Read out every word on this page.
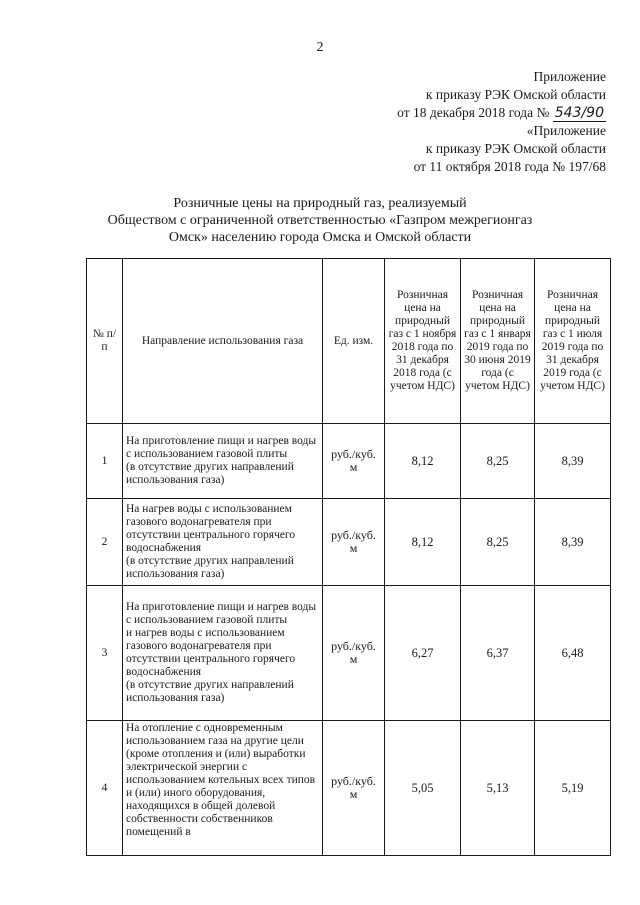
2
Приложение
к приказу РЭК Омской области
от 18 декабря 2018 года № 543/90
«Приложение
к приказу РЭК Омской области
от 11 октября 2018 года № 197/68
Розничные цены на природный газ, реализуемый
Обществом с ограниченной ответственностью «Газпром межрегионгаз
Омск» населению города Омска и Омской области
№ п/п	Направление использования газа	Ед. изм.	Розничная цена на природный газ с 1 ноября 2018 года по 31 декабря 2018 года (с учетом НДС)	Розничная цена на природный газ с 1 января 2019 года по 30 июня 2019 года (с учетом НДС)	Розничная цена на природный газ с 1 июля 2019 года по 31 декабря 2019 года (с учетом НДС)
1	На приготовление пищи и нагрев воды
с использованием газовой плиты
(в отсутствие других направлений использования газа)	руб./куб. м	8,12	8,25	8,39
2	На нагрев воды с использованием газового водонагревателя при отсутствии центрального горячего водоснабжения
(в отсутствие других направлений использования газа)	руб./куб. м	8,12	8,25	8,39
3	На приготовление пищи и нагрев воды
с использованием газовой плиты
и нагрев воды с использованием газового водонагревателя при отсутствии центрального горячего водоснабжения
(в отсутствие других направлений использования газа)	руб./куб. м	6,27	6,37	6,48
4	На отопление с одновременным использованием газа на другие цели (кроме отопления и (или) выработки электрической энергии с использованием котельных всех типов и (или) иного оборудования, находящихся в общей долевой собственности собственников помещений в	руб./куб. м	5,05	5,13	5,19
